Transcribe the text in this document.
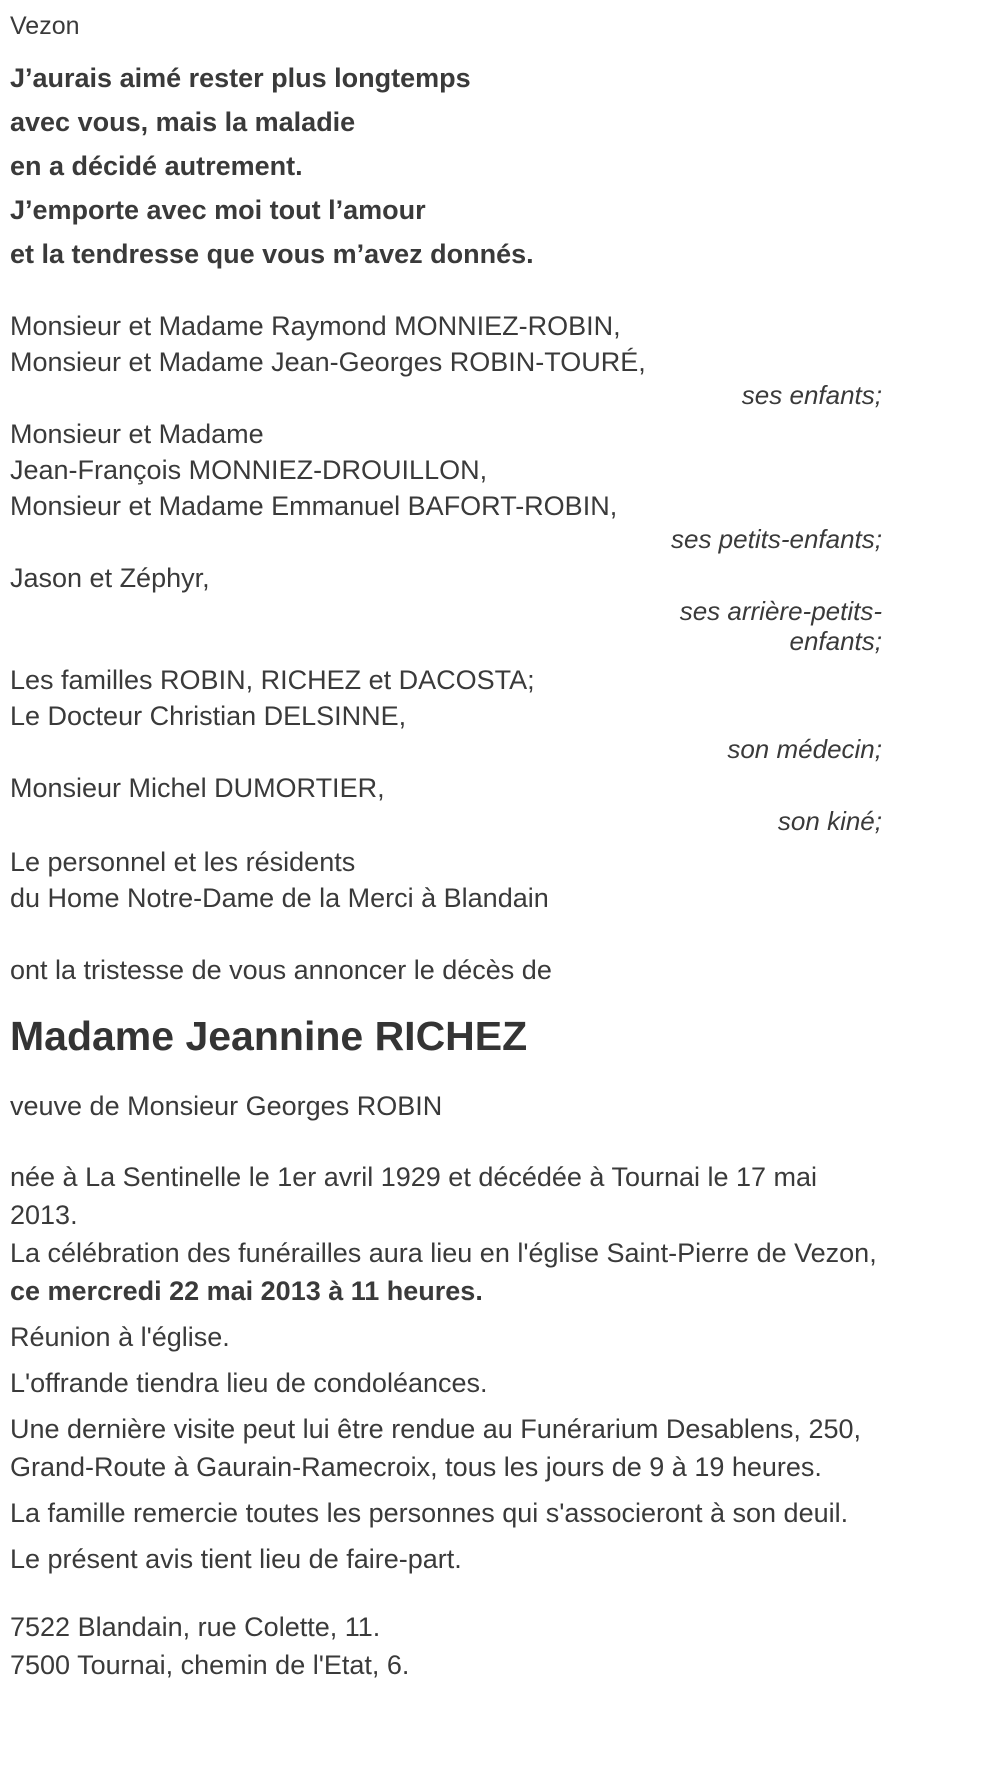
Vezon
J’aurais aimé rester plus longtemps
avec vous, mais la maladie
en a décidé autrement.
J’emporte avec moi tout l’amour
et la tendresse que vous m’avez donnés.
Monsieur et Madame Raymond MONNIEZ-ROBIN,
Monsieur et Madame Jean-Georges ROBIN-TOURÉ,
ses enfants;
Monsieur et Madame
Jean-François MONNIEZ-DROUILLON,
Monsieur et Madame Emmanuel BAFORT-ROBIN,
ses petits-enfants;
Jason et Zéphyr,
ses arrière-petits-
enfants;
Les familles ROBIN, RICHEZ et DACOSTA;
Le Docteur Christian DELSINNE,
son médecin;
Monsieur Michel DUMORTIER,
son kiné;
Le personnel et les résidents
du Home Notre-Dame de la Merci à Blandain
ont la tristesse de vous annoncer le décès de
Madame Jeannine RICHEZ
veuve de Monsieur Georges ROBIN
née à La Sentinelle le 1er avril 1929 et décédée à Tournai le 17 mai 2013.
La célébration des funérailles aura lieu en l'église Saint-Pierre de Vezon,
ce mercredi 22 mai 2013 à 11 heures.
Réunion à l'église.
L'offrande tiendra lieu de condoléances.
Une dernière visite peut lui être rendue au Funérarium Desablens, 250,
Grand-Route à Gaurain-Ramecroix, tous les jours de 9 à 19 heures.
La famille remercie toutes les personnes qui s'associeront à son deuil.
Le présent avis tient lieu de faire-part.
7522 Blandain, rue Colette, 11.
7500 Tournai, chemin de l'Etat, 6.
